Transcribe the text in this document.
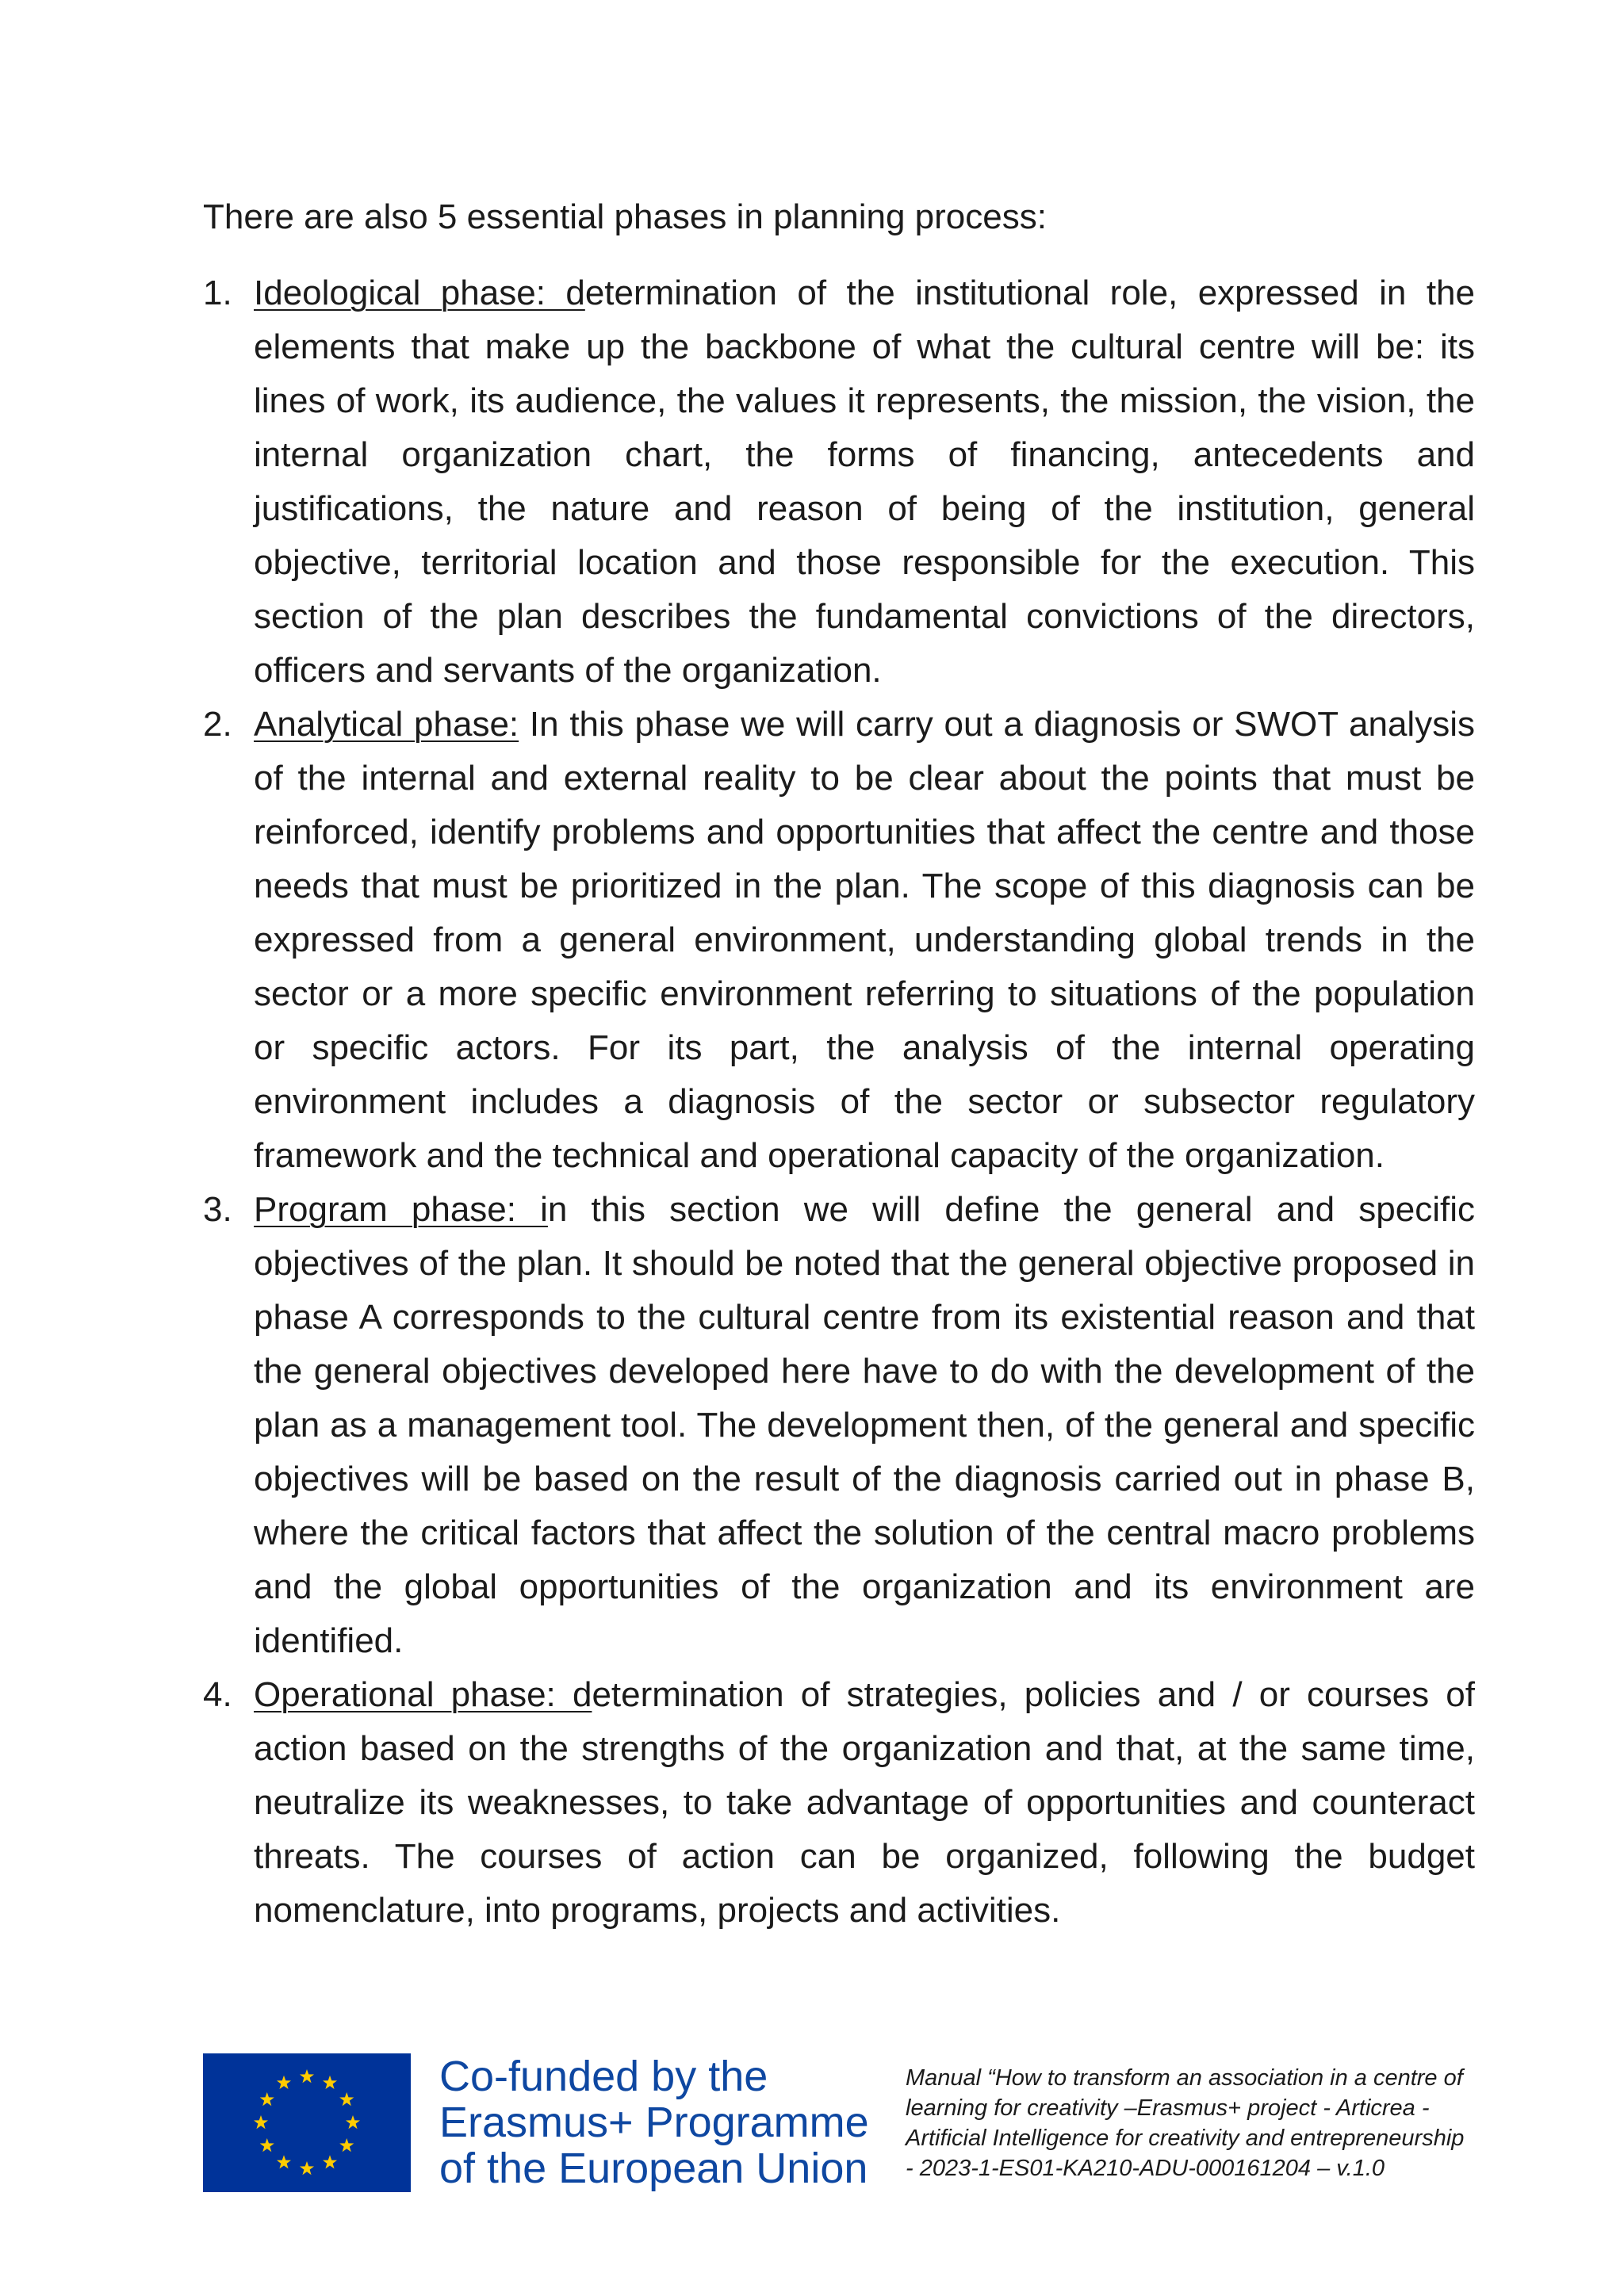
There are also 5 essential phases in planning process:

1. Ideological phase: determination of the institutional role, expressed in the elements that make up the backbone of what the cultural centre will be: its lines of work, its audience, the values it represents, the mission, the vision, the internal organization chart, the forms of financing, antecedents and justifications, the nature and reason of being of the institution, general objective, territorial location and those responsible for the execution. This section of the plan describes the fundamental convictions of the directors, officers and servants of the organization.
2. Analytical phase: In this phase we will carry out a diagnosis or SWOT analysis of the internal and external reality to be clear about the points that must be reinforced, identify problems and opportunities that affect the centre and those needs that must be prioritized in the plan. The scope of this diagnosis can be expressed from a general environment, understanding global trends in the sector or a more specific environment referring to situations of the population or specific actors. For its part, the analysis of the internal operating environment includes a diagnosis of the sector or subsector regulatory framework and the technical and operational capacity of the organization.
3. Program phase: in this section we will define the general and specific objectives of the plan. It should be noted that the general objective proposed in phase A corresponds to the cultural centre from its existential reason and that the general objectives developed here have to do with the development of the plan as a management tool. The development then, of the general and specific objectives will be based on the result of the diagnosis carried out in phase B, where the critical factors that affect the solution of the central macro problems and the global opportunities of the organization and its environment are identified.
4. Operational phase: determination of strategies, policies and / or courses of action based on the strengths of the organization and that, at the same time, neutralize its weaknesses, to take advantage of opportunities and counteract threats. The courses of action can be organized, following the budget nomenclature, into programs, projects and activities.
Co-funded by the
Erasmus+ Programme
of the European Union
Manual “How to transform an association in a centre of learning for creativity –Erasmus+ project - Articrea - Artificial Intelligence for creativity and entrepreneurship - 2023-1-ES01-KA210-ADU-000161204 – v.1.0
